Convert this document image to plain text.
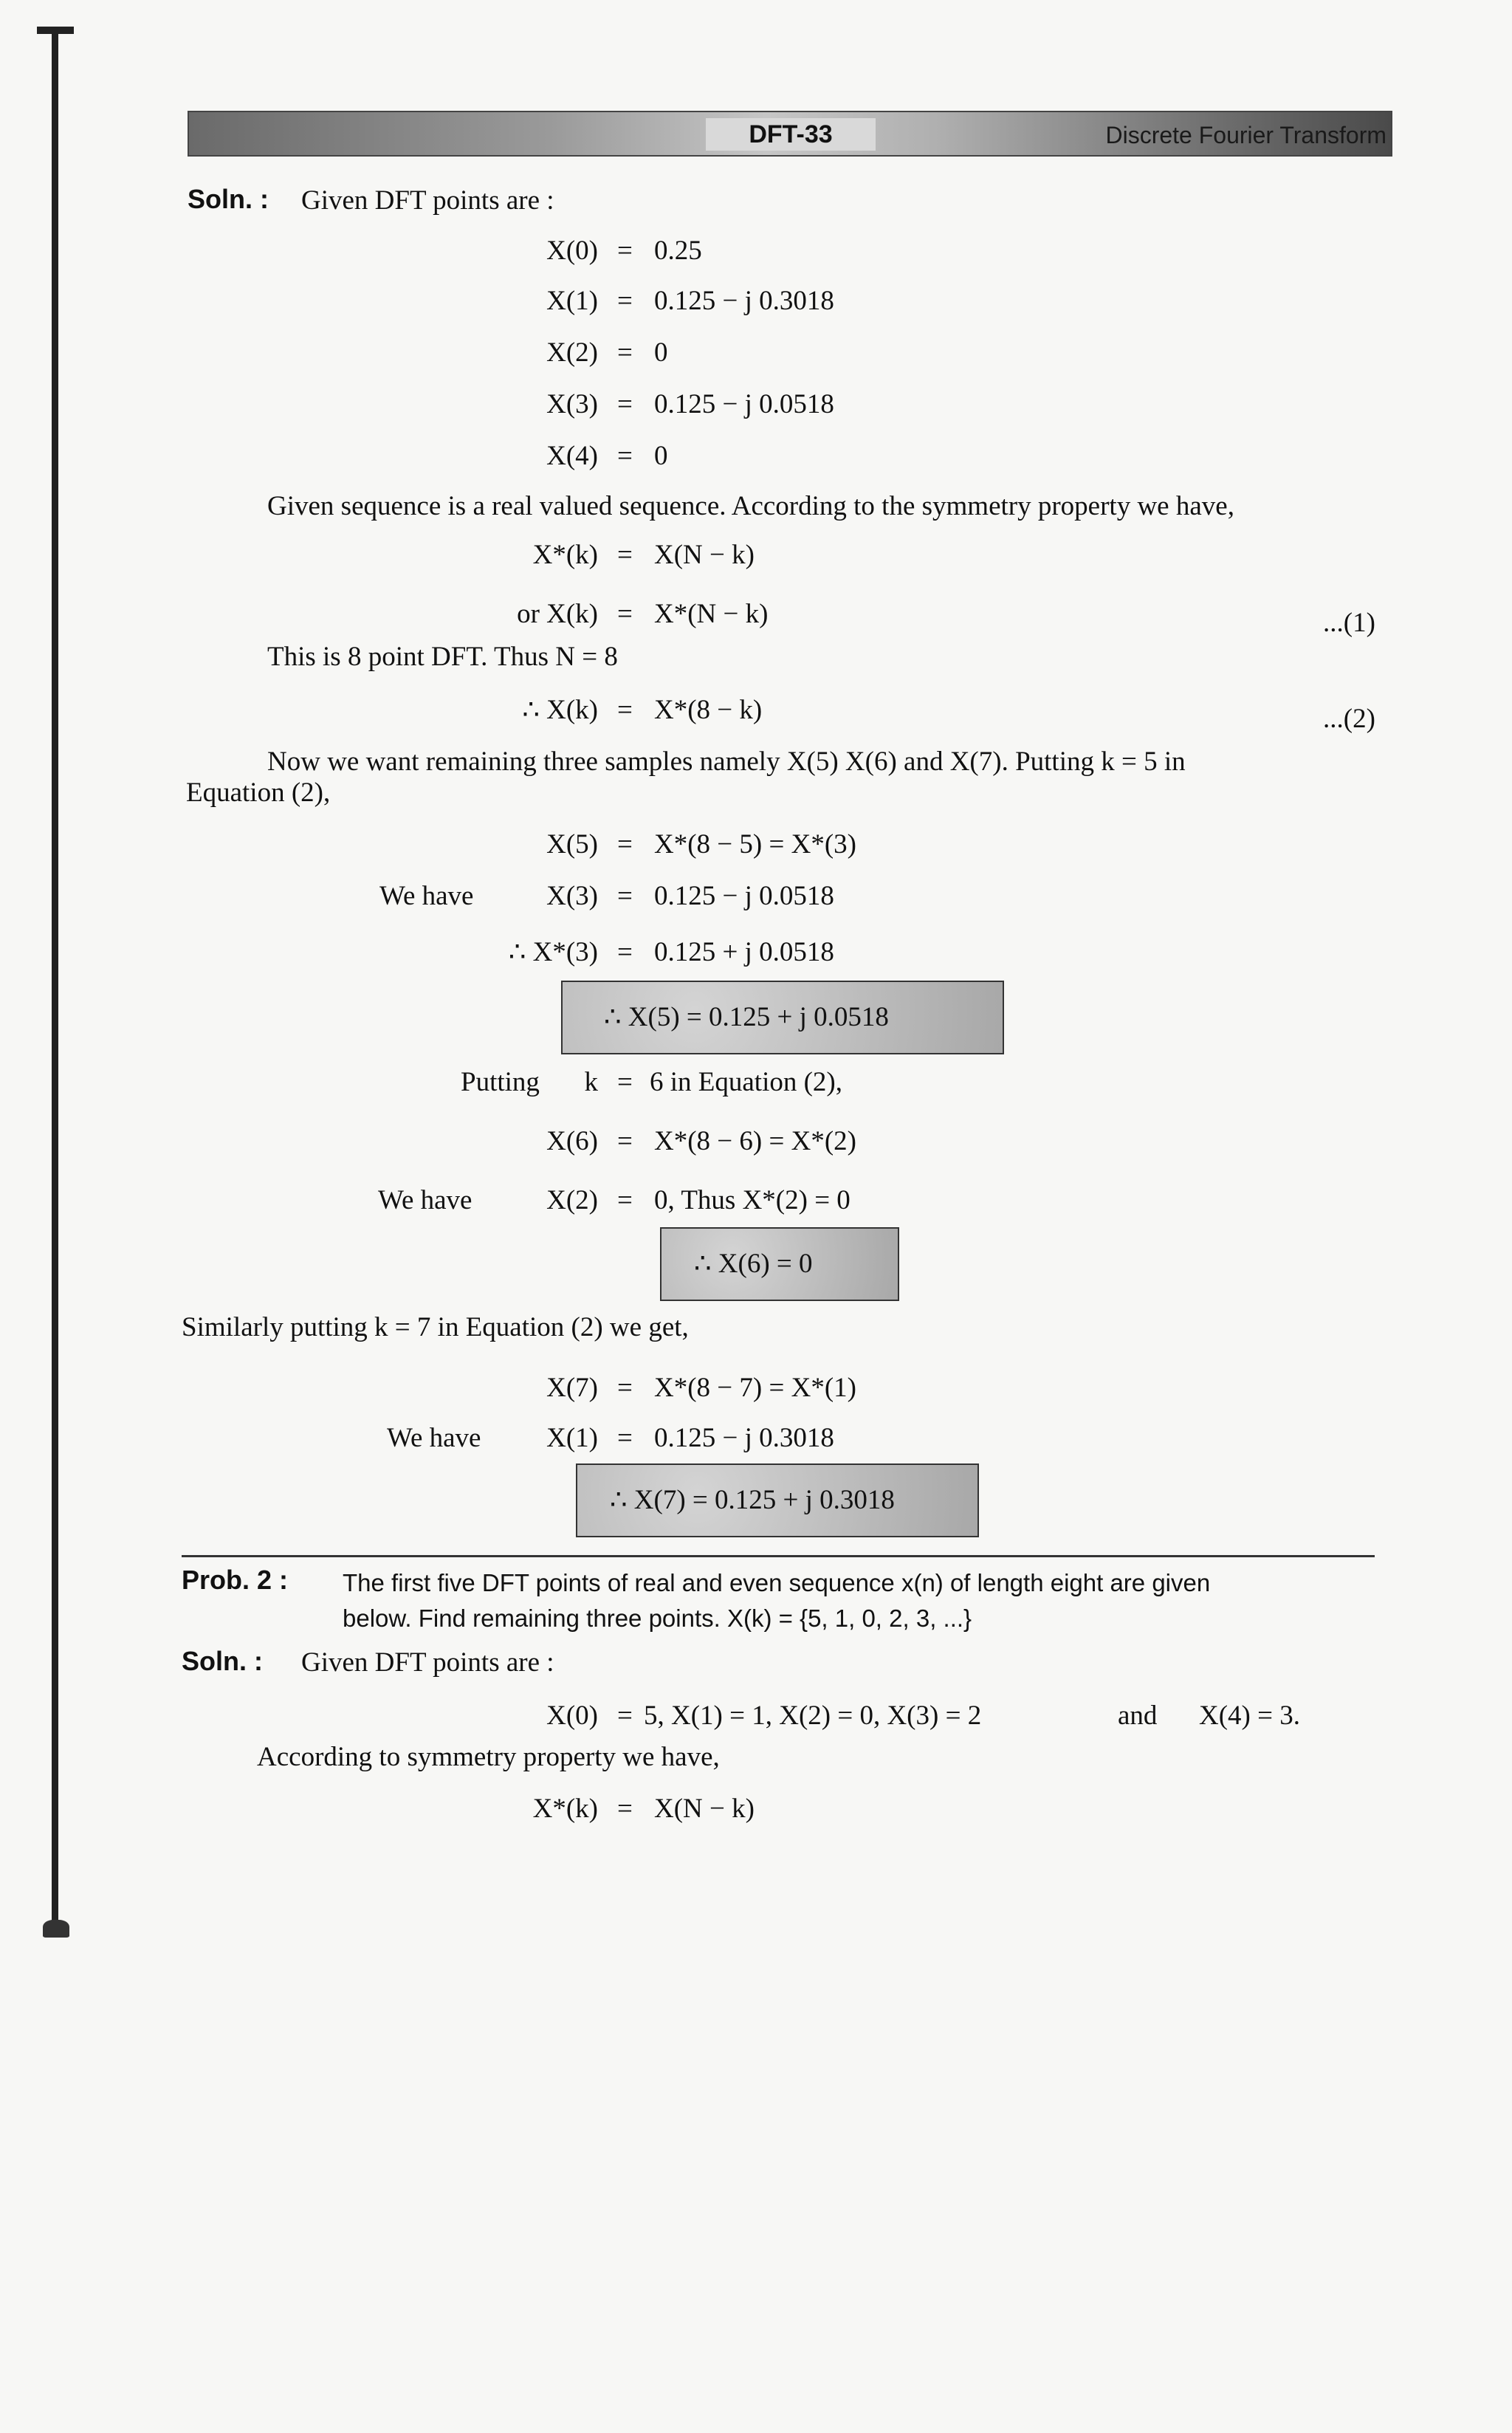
DFT-33	Discrete Fourier Transform
Soln. : Given DFT points are :
X(0) = 0.25
X(1) = 0.125 − j 0.3018
X(2) = 0
X(3) = 0.125 − j 0.0518
X(4) = 0
Given sequence is a real valued sequence. According to the symmetry property we have,
X*(k) = X(N − k)
or X(k) = X*(N − k)	...(1)
This is 8 point DFT. Thus N = 8
∴ X(k) = X*(8 − k)	...(2)
Now we want remaining three samples namely X(5) X(6) and X(7). Putting k = 5 in
Equation (2),
X(5) = X*(8 − 5) = X*(3)
We have	X(3) = 0.125 − j 0.0518
∴ X*(3) = 0.125 + j 0.0518
∴ X(5) = 0.125 + j 0.0518
Putting	k = 6 in Equation (2),
X(6) = X*(8 − 6) = X*(2)
We have	X(2) = 0, Thus X*(2) = 0
∴ X(6) = 0
Similarly putting k = 7 in Equation (2) we get,
X(7) = X*(8 − 7) = X*(1)
We have	X(1) = 0.125 − j 0.3018
∴ X(7) = 0.125 + j 0.3018
Prob. 2 : The first five DFT points of real and even sequence x(n) of length eight are given
below. Find remaining three points. X(k) = {5, 1, 0, 2, 3, ...}
Soln. : Given DFT points are :
X(0) = 5, X(1) = 1, X(2) = 0, X(3) = 2	and X(4) = 3.
According to symmetry property we have,
X*(k) = X(N − k)
